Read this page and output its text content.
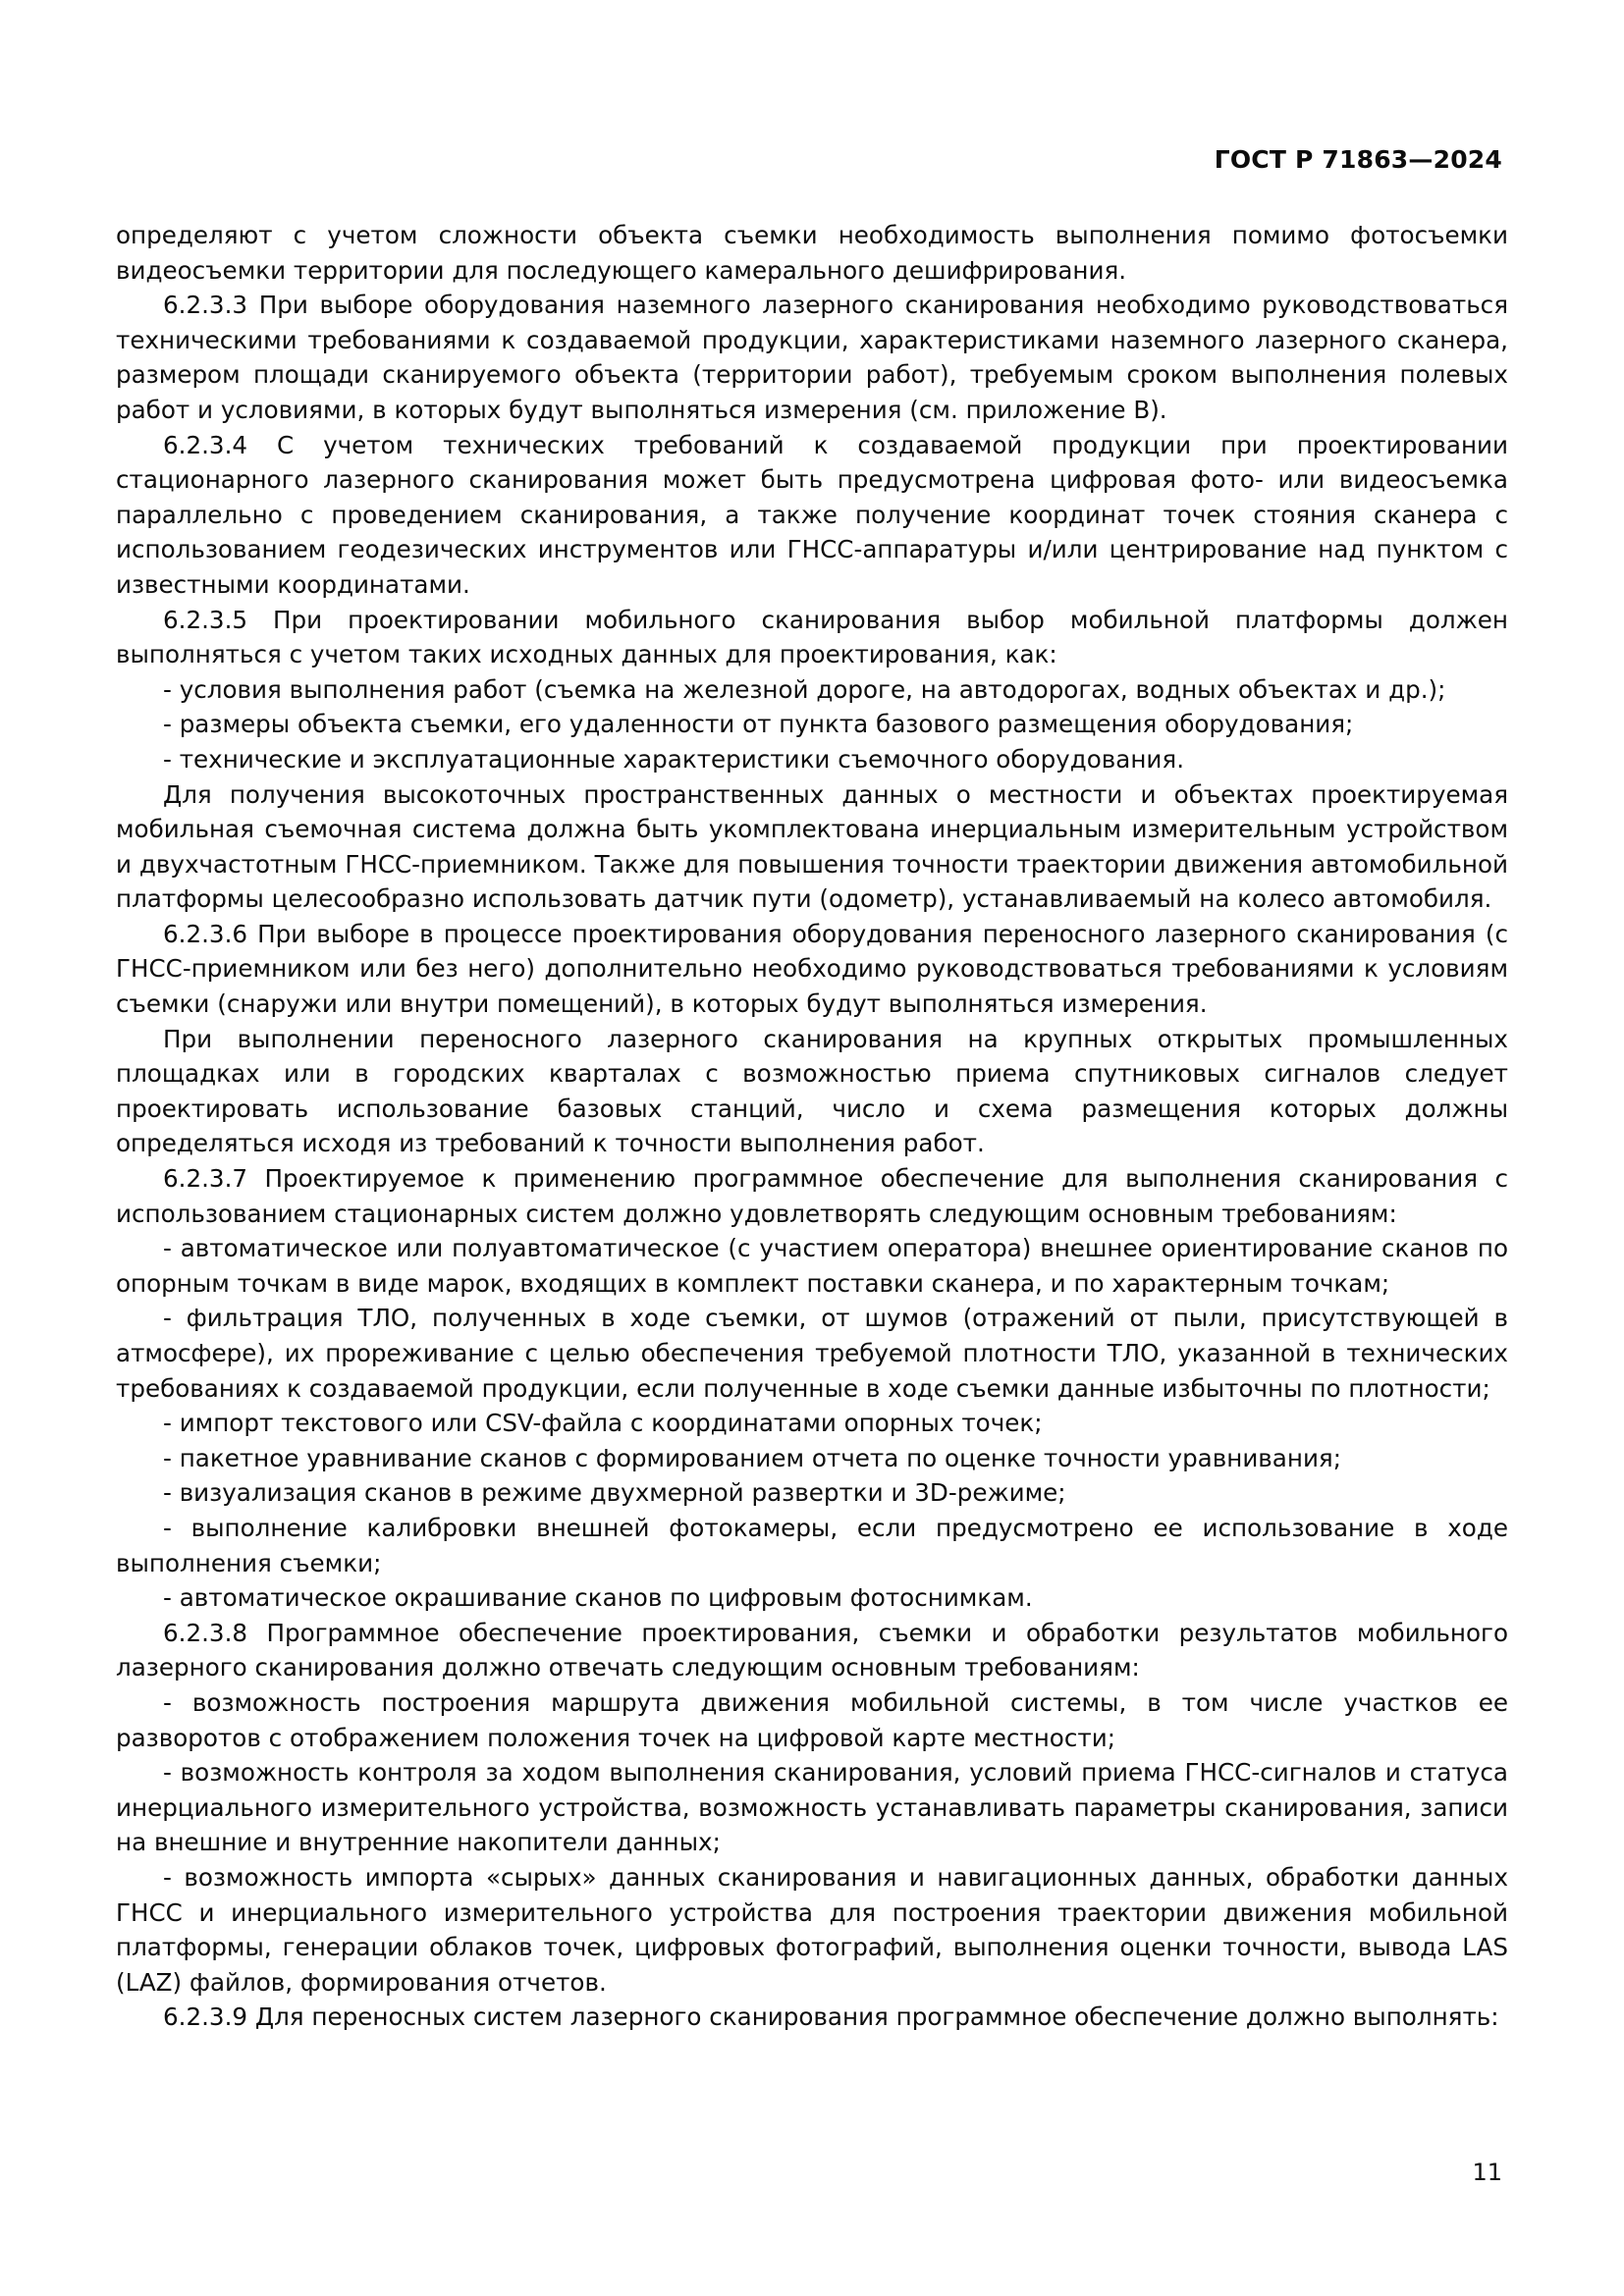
ГОСТ Р 71863—2024

определяют с учетом сложности объекта съемки необходимость выполнения помимо фотосъемки видеосъемки территории для последующего камерального дешифрирования.

6.2.3.3 При выборе оборудования наземного лазерного сканирования необходимо руководствоваться техническими требованиями к создаваемой продукции, характеристиками наземного лазерного сканера, размером площади сканируемого объекта (территории работ), требуемым сроком выполнения полевых работ и условиями, в которых будут выполняться измерения (см. приложение В).

6.2.3.4 С учетом технических требований к создаваемой продукции при проектировании стационарного лазерного сканирования может быть предусмотрена цифровая фото- или видеосъемка параллельно с проведением сканирования, а также получение координат точек стояния сканера с использованием геодезических инструментов или ГНСС-аппаратуры и/или центрирование над пунктом с известными координатами.

6.2.3.5 При проектировании мобильного сканирования выбор мобильной платформы должен выполняться с учетом таких исходных данных для проектирования, как:

- условия выполнения работ (съемка на железной дороге, на автодорогах, водных объектах и др.);

- размеры объекта съемки, его удаленности от пункта базового размещения оборудования;

- технические и эксплуатационные характеристики съемочного оборудования.

Для получения высокоточных пространственных данных о местности и объектах проектируемая мобильная съемочная система должна быть укомплектована инерциальным измерительным устройством и двухчастотным ГНСС-приемником. Также для повышения точности траектории движения автомобильной платформы целесообразно использовать датчик пути (одометр), устанавливаемый на колесо автомобиля.

6.2.3.6 При выборе в процессе проектирования оборудования переносного лазерного сканирования (с ГНСС-приемником или без него) дополнительно необходимо руководствоваться требованиями к условиям съемки (снаружи или внутри помещений), в которых будут выполняться измерения.

При выполнении переносного лазерного сканирования на крупных открытых промышленных площадках или в городских кварталах с возможностью приема спутниковых сигналов следует проектировать использование базовых станций, число и схема размещения которых должны определяться исходя из требований к точности выполнения работ.

6.2.3.7 Проектируемое к применению программное обеспечение для выполнения сканирования с использованием стационарных систем должно удовлетворять следующим основным требованиям:

- автоматическое или полуавтоматическое (с участием оператора) внешнее ориентирование сканов по опорным точкам в виде марок, входящих в комплект поставки сканера, и по характерным точкам;

- фильтрация ТЛО, полученных в ходе съемки, от шумов (отражений от пыли, присутствующей в атмосфере), их прореживание с целью обеспечения требуемой плотности ТЛО, указанной в технических требованиях к создаваемой продукции, если полученные в ходе съемки данные избыточны по плотности;

- импорт текстового или CSV-файла с координатами опорных точек;

- пакетное уравнивание сканов с формированием отчета по оценке точности уравнивания;

- визуализация сканов в режиме двухмерной развертки и 3D-режиме;

- выполнение калибровки внешней фотокамеры, если предусмотрено ее использование в ходе выполнения съемки;

- автоматическое окрашивание сканов по цифровым фотоснимкам.

6.2.3.8 Программное обеспечение проектирования, съемки и обработки результатов мобильного лазерного сканирования должно отвечать следующим основным требованиям:

- возможность построения маршрута движения мобильной системы, в том числе участков ее разворотов с отображением положения точек на цифровой карте местности;

- возможность контроля за ходом выполнения сканирования, условий приема ГНСС-сигналов и статуса инерциального измерительного устройства, возможность устанавливать параметры сканирования, записи на внешние и внутренние накопители данных;

- возможность импорта «сырых» данных сканирования и навигационных данных, обработки данных ГНСС и инерциального измерительного устройства для построения траектории движения мобильной платформы, генерации облаков точек, цифровых фотографий, выполнения оценки точности, вывода LAS (LAZ) файлов, формирования отчетов.

6.2.3.9 Для переносных систем лазерного сканирования программное обеспечение должно выполнять:

11
